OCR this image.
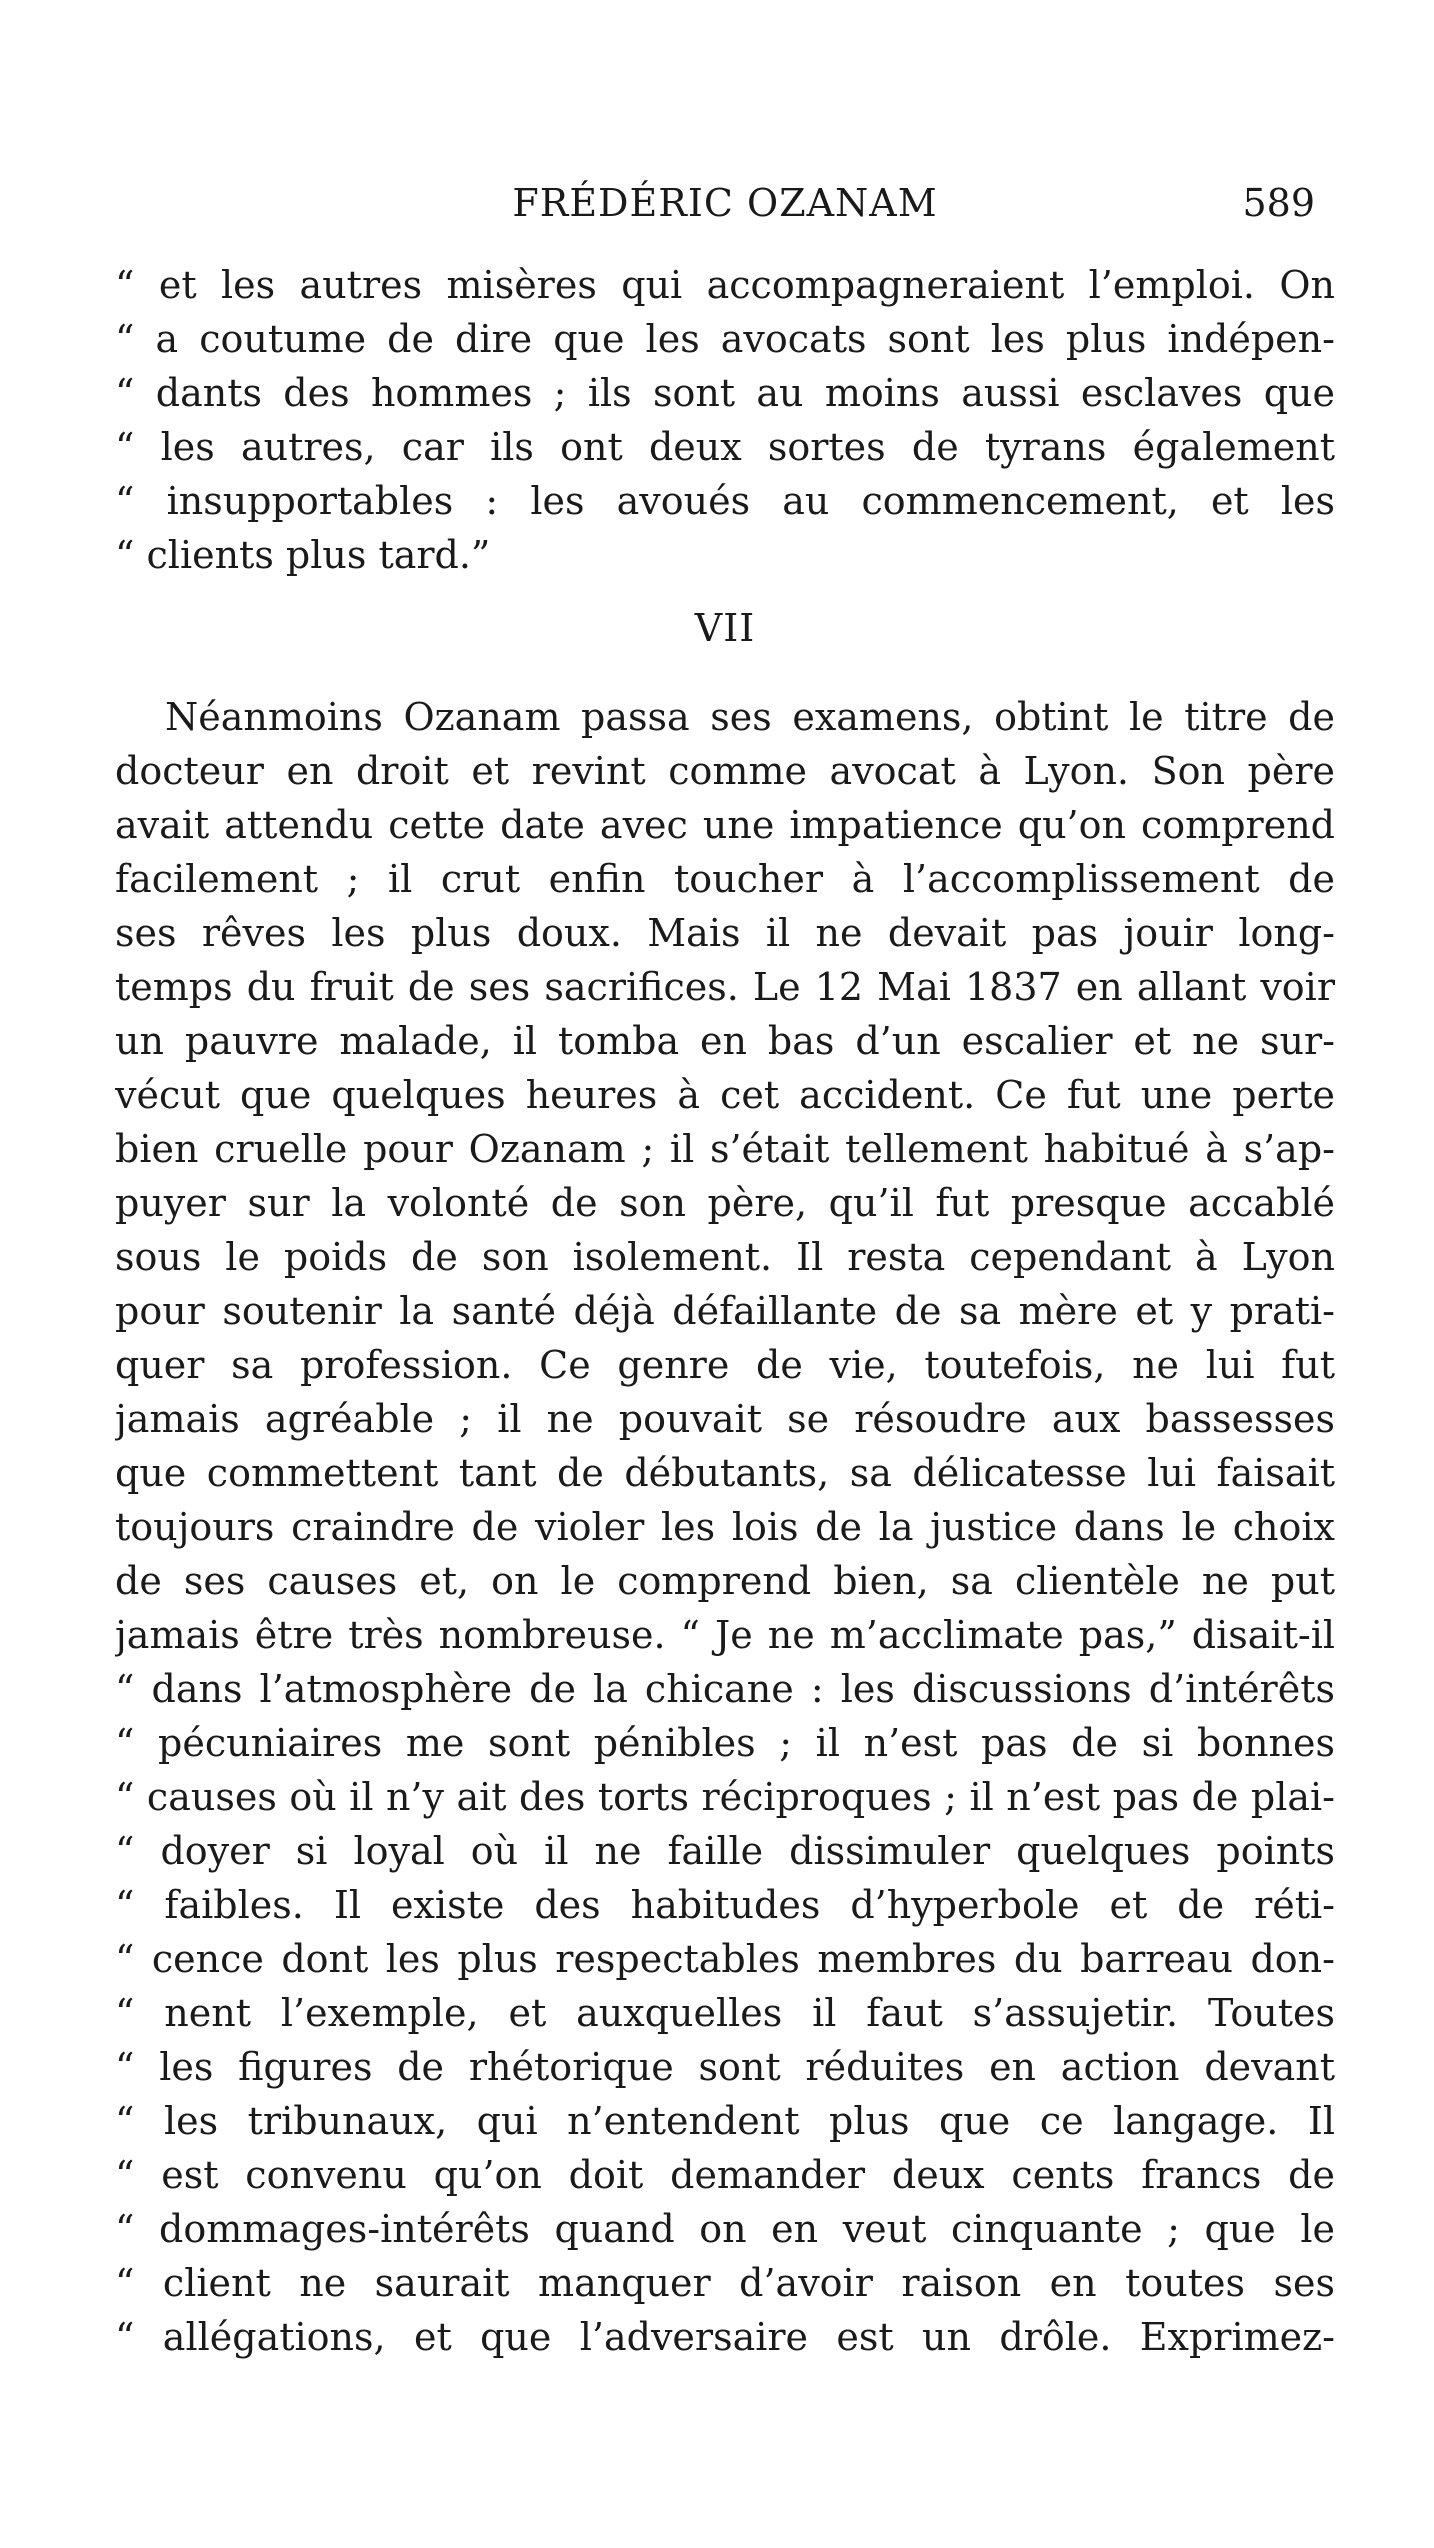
FRÉDÉRIC OZANAM	589
“ et les autres misères qui accompagneraient l’emploi. On
“ a coutume de dire que les avocats sont les plus indépen-
“ dants des hommes ; ils sont au moins aussi esclaves que
“ les autres, car ils ont deux sortes de tyrans également
“ insupportables : les avoués au commencement, et les
“ clients plus tard.”
VII
Néanmoins Ozanam passa ses examens, obtint le titre de
docteur en droit et revint comme avocat à Lyon. Son père
avait attendu cette date avec une impatience qu’on comprend
facilement ; il crut enfin toucher à l’accomplissement de
ses rêves les plus doux. Mais il ne devait pas jouir long-
temps du fruit de ses sacrifices. Le 12 Mai 1837 en allant voir
un pauvre malade, il tomba en bas d’un escalier et ne sur-
vécut que quelques heures à cet accident. Ce fut une perte
bien cruelle pour Ozanam ; il s’était tellement habitué à s’ap-
puyer sur la volonté de son père, qu’il fut presque accablé
sous le poids de son isolement. Il resta cependant à Lyon
pour soutenir la santé déjà défaillante de sa mère et y prati-
quer sa profession. Ce genre de vie, toutefois, ne lui fut
jamais agréable ; il ne pouvait se résoudre aux bassesses
que commettent tant de débutants, sa délicatesse lui faisait
toujours craindre de violer les lois de la justice dans le choix
de ses causes et, on le comprend bien, sa clientèle ne put
jamais être très nombreuse. “ Je ne m’acclimate pas,” disait-il
“ dans l’atmosphère de la chicane : les discussions d’intérêts
“ pécuniaires me sont pénibles ; il n’est pas de si bonnes
“ causes où il n’y ait des torts réciproques ; il n’est pas de plai-
“ doyer si loyal où il ne faille dissimuler quelques points
“ faibles. Il existe des habitudes d’hyperbole et de réti-
“ cence dont les plus respectables membres du barreau don-
“ nent l’exemple, et auxquelles il faut s’assujetir. Toutes
“ les figures de rhétorique sont réduites en action devant
“ les tribunaux, qui n’entendent plus que ce langage. Il
“ est convenu qu’on doit demander deux cents francs de
“ dommages-intérêts quand on en veut cinquante ; que le
“ client ne saurait manquer d’avoir raison en toutes ses
“ allégations, et que l’adversaire est un drôle. Exprimez-
